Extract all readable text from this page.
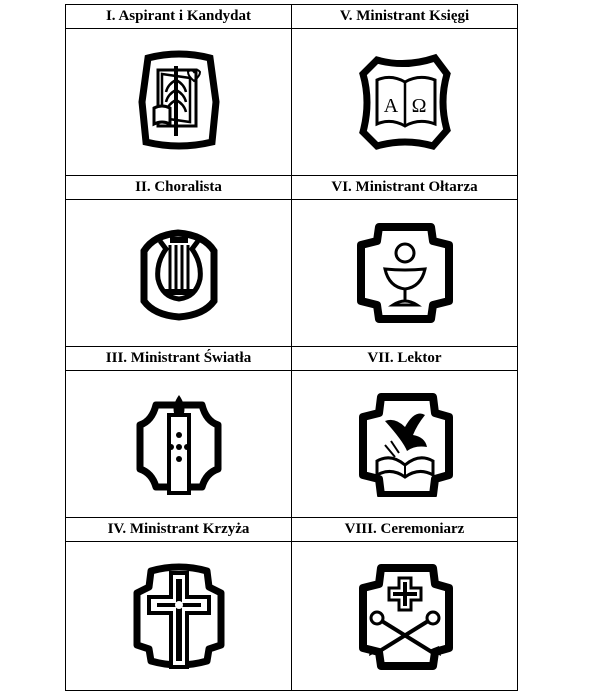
I. Aspirant i Kandydat	V. Ministrant Księgi
A Ω
II. Choralista	VI. Ministrant Ołtarza
III. Ministrant Światła	VII. Lektor
IV. Ministrant Krzyża	VIII. Ceremoniarz
